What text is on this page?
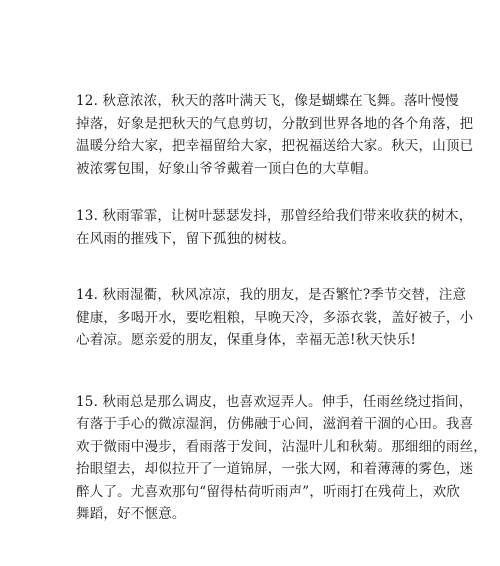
12. 秋意浓浓，秋天的落叶满天飞，像是蝴蝶在飞舞。落叶慢慢
掉落，好象是把秋天的气息剪切，分散到世界各地的各个角落，把
温暖分给大家，把幸福留给大家，把祝福送给大家。秋天，山顶已
被浓雾包围，好象山爷爷戴着一顶白色的大草帽。

13. 秋雨霏霏，让树叶瑟瑟发抖，那曾经给我们带来收获的树木，
在风雨的摧残下，留下孤独的树枝。

14. 秋雨湿衢，秋风凉凉，我的朋友，是否繁忙?季节交替，注意
健康，多喝开水，要吃粗粮，早晚天冷，多添衣裳，盖好被子，小
心着凉。愿亲爱的朋友，保重身体，幸福无恙!秋天快乐!

15. 秋雨总是那么调皮，也喜欢逗弄人。伸手，任雨丝绕过指间，
有落于手心的微凉湿润，仿佛融于心间，滋润着干涸的心田。我喜
欢于微雨中漫步，看雨落于发间，沾湿叶儿和秋菊。那细细的雨丝，
抬眼望去，却似拉开了一道锦屏，一张大网，和着薄薄的雾色，迷
醉人了。尤喜欢那句“留得枯荷听雨声”，听雨打在残荷上，欢欣
舞蹈，好不惬意。
